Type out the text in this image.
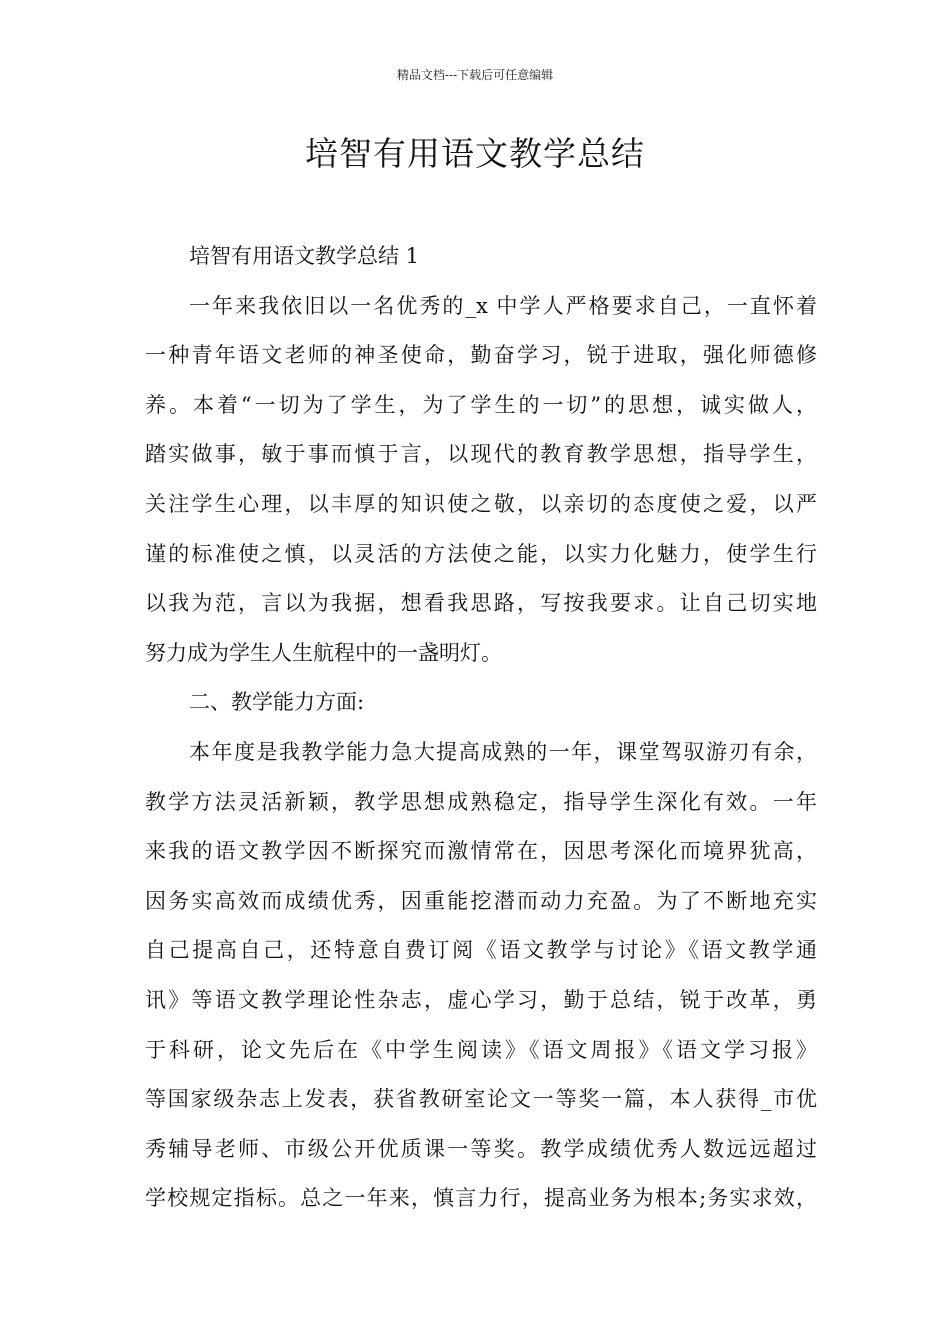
精品文档---下载后可任意编辑
培智有用语文教学总结
培智有用语文教学总结 1
一年来我依旧以一名优秀的_x 中学人严格要求自己，一直怀着
一种青年语文老师的神圣使命，勤奋学习，锐于进取，强化师德修
养。本着“一切为了学生，为了学生的一切”的思想，诚实做人，
踏实做事，敏于事而慎于言，以现代的教育教学思想，指导学生，
关注学生心理，以丰厚的知识使之敬，以亲切的态度使之爱，以严
谨的标准使之慎，以灵活的方法使之能，以实力化魅力，使学生行
以我为范，言以为我据，想看我思路，写按我要求。让自己切实地
努力成为学生人生航程中的一盏明灯。
二、教学能力方面:
本年度是我教学能力急大提高成熟的一年，课堂驾驭游刃有余，
教学方法灵活新颖，教学思想成熟稳定，指导学生深化有效。一年
来我的语文教学因不断探究而激情常在，因思考深化而境界犹高，
因务实高效而成绩优秀，因重能挖潜而动力充盈。为了不断地充实
自己提高自己，还特意自费订阅《语文教学与讨论》《语文教学通
讯》等语文教学理论性杂志，虚心学习，勤于总结，锐于改革，勇
于科研，论文先后在《中学生阅读》《语文周报》《语文学习报》
等国家级杂志上发表，获省教研室论文一等奖一篇，本人获得_市优
秀辅导老师、市级公开优质课一等奖。教学成绩优秀人数远远超过
学校规定指标。总之一年来，慎言力行，提高业务为根本;务实求效，
